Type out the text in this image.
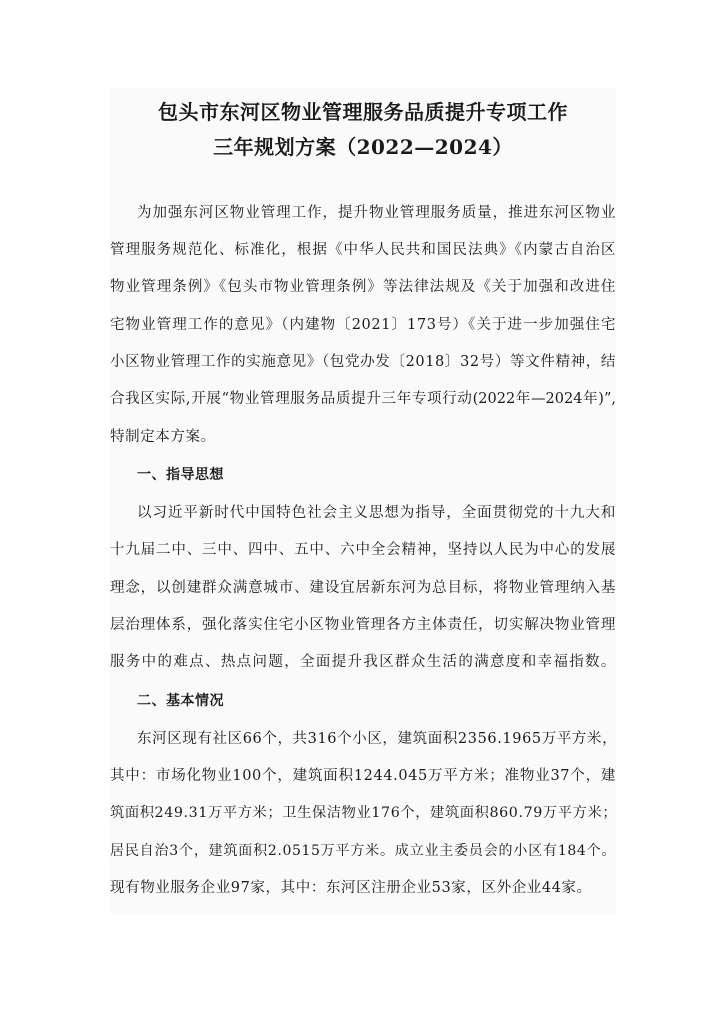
包头市东河区物业管理服务品质提升专项工作
三年规划方案（2022—2024）
为加强东河区物业管理工作，提升物业管理服务质量，推进东河区物业
管理服务规范化、标准化，根据《中华人民共和国民法典》《内蒙古自治区
物业管理条例》《包头市物业管理条例》等法律法规及《关于加强和改进住
宅物业管理工作的意见》（内建物〔2021〕173号）《关于进一步加强住宅
小区物业管理工作的实施意见》（包党办发〔2018〕32号）等文件精神，结
合我区实际,开展“物业管理服务品质提升三年专项行动(2022年—2024年)”,
特制定本方案。
一、指导思想
以习近平新时代中国特色社会主义思想为指导，全面贯彻党的十九大和
十九届二中、三中、四中、五中、六中全会精神，坚持以人民为中心的发展
理念，以创建群众满意城市、建设宜居新东河为总目标，将物业管理纳入基
层治理体系，强化落实住宅小区物业管理各方主体责任，切实解决物业管理
服务中的难点、热点问题，全面提升我区群众生活的满意度和幸福指数。
二、基本情况
东河区现有社区66个，共316个小区，建筑面积2356.1965万平方米，
其中：市场化物业100个，建筑面积1244.045万平方米；准物业37个，建
筑面积249.31万平方米；卫生保洁物业176个，建筑面积860.79万平方米；
居民自治3个，建筑面积2.0515万平方米。成立业主委员会的小区有184个。
现有物业服务企业97家，其中：东河区注册企业53家，区外企业44家。
